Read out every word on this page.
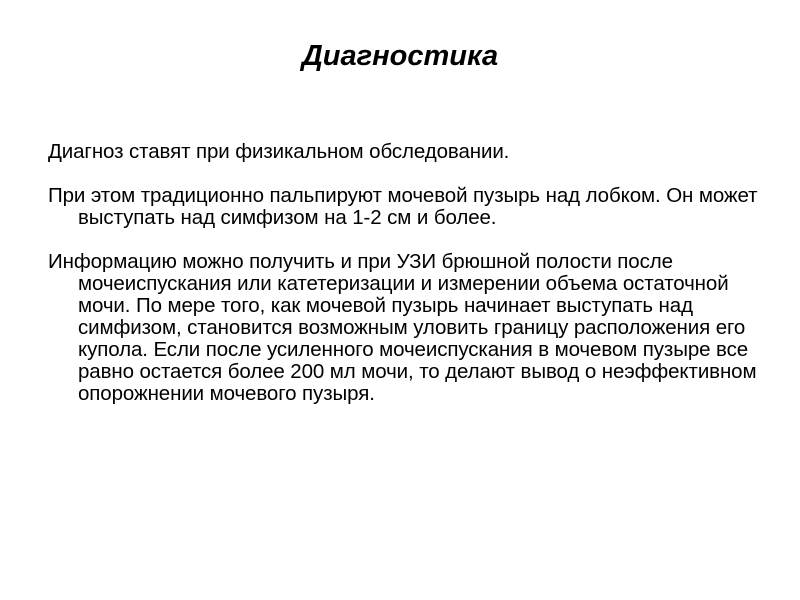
Диагностика

Диагноз ставят при физикальном обследовании.

При этом традиционно пальпируют мочевой пузырь над лобком. Он может выступать над симфизом на 1-2 см и более.

Информацию можно получить и при УЗИ брюшной полости после мочеиспускания или катетеризации и измерении объема остаточной мочи. По мере того, как мочевой пузырь начинает выступать над симфизом, становится возможным уловить границу расположения его купола. Если после усиленного мочеиспускания в мочевом пузыре все равно остается более 200 мл мочи, то делают вывод о неэффективном опорожнении мочевого пузыря.
